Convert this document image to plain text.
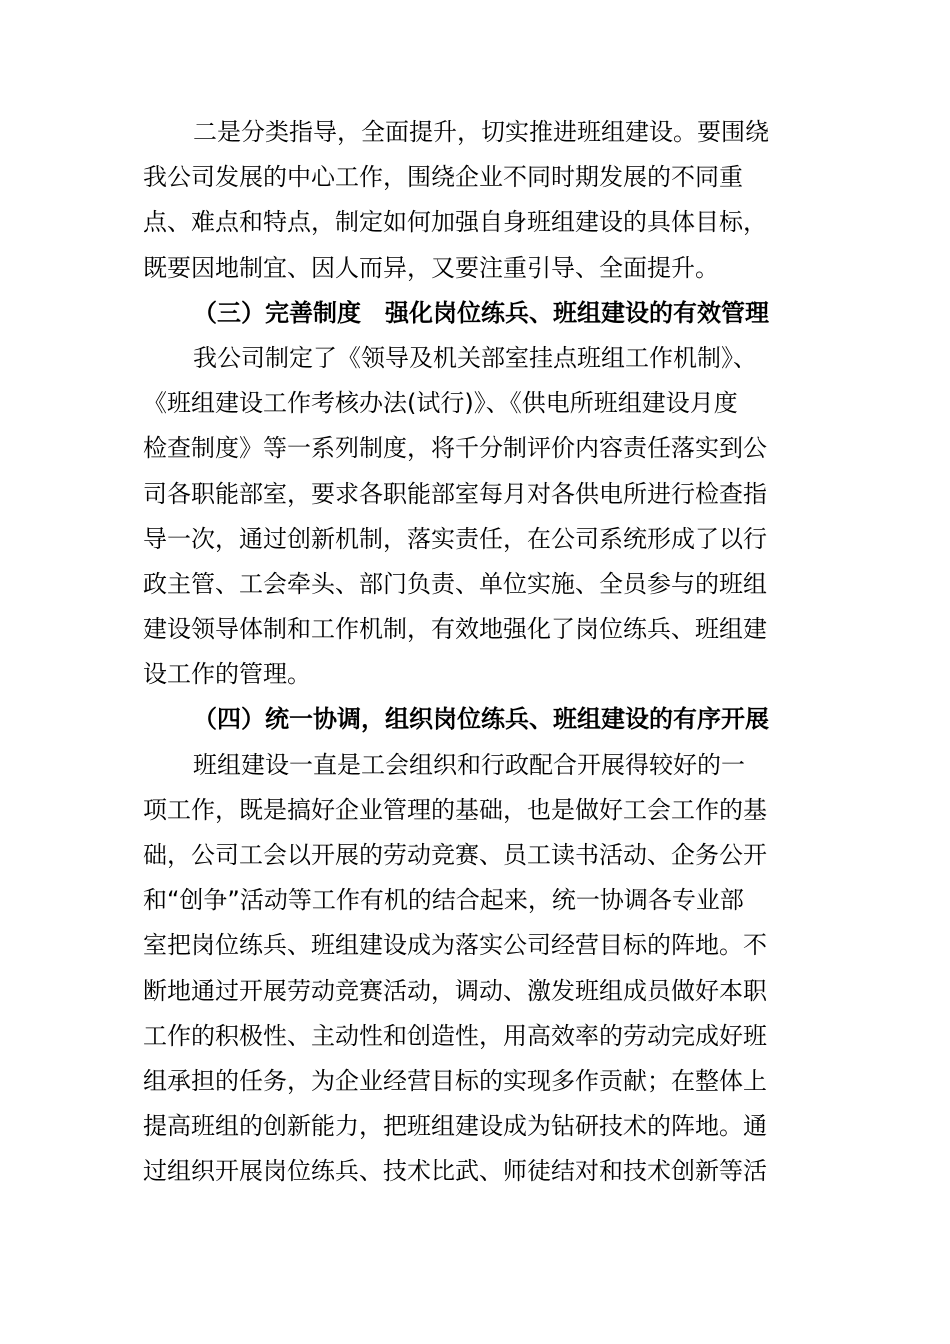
二是分类指导，全面提升，切实推进班组建设。要围绕
我公司发展的中心工作，围绕企业不同时期发展的不同重
点、难点和特点，制定如何加强自身班组建设的具体目标，
既要因地制宜、因人而异，又要注重引导、全面提升。
（三）完善制度　强化岗位练兵、班组建设的有效管理
我公司制定了《领导及机关部室挂点班组工作机制》、
《班组建设工作考核办法(试行)》、《供电所班组建设月度
检查制度》等一系列制度，将千分制评价内容责任落实到公
司各职能部室，要求各职能部室每月对各供电所进行检查指
导一次，通过创新机制，落实责任，在公司系统形成了以行
政主管、工会牵头、部门负责、单位实施、全员参与的班组
建设领导体制和工作机制，有效地强化了岗位练兵、班组建
设工作的管理。
（四）统一协调，组织岗位练兵、班组建设的有序开展
班组建设一直是工会组织和行政配合开展得较好的一
项工作，既是搞好企业管理的基础，也是做好工会工作的基
础，公司工会以开展的劳动竞赛、员工读书活动、企务公开
和“创争”活动等工作有机的结合起来，统一协调各专业部
室把岗位练兵、班组建设成为落实公司经营目标的阵地。不
断地通过开展劳动竞赛活动，调动、激发班组成员做好本职
工作的积极性、主动性和创造性，用高效率的劳动完成好班
组承担的任务，为企业经营目标的实现多作贡献；在整体上
提高班组的创新能力，把班组建设成为钻研技术的阵地。通
过组织开展岗位练兵、技术比武、师徒结对和技术创新等活
